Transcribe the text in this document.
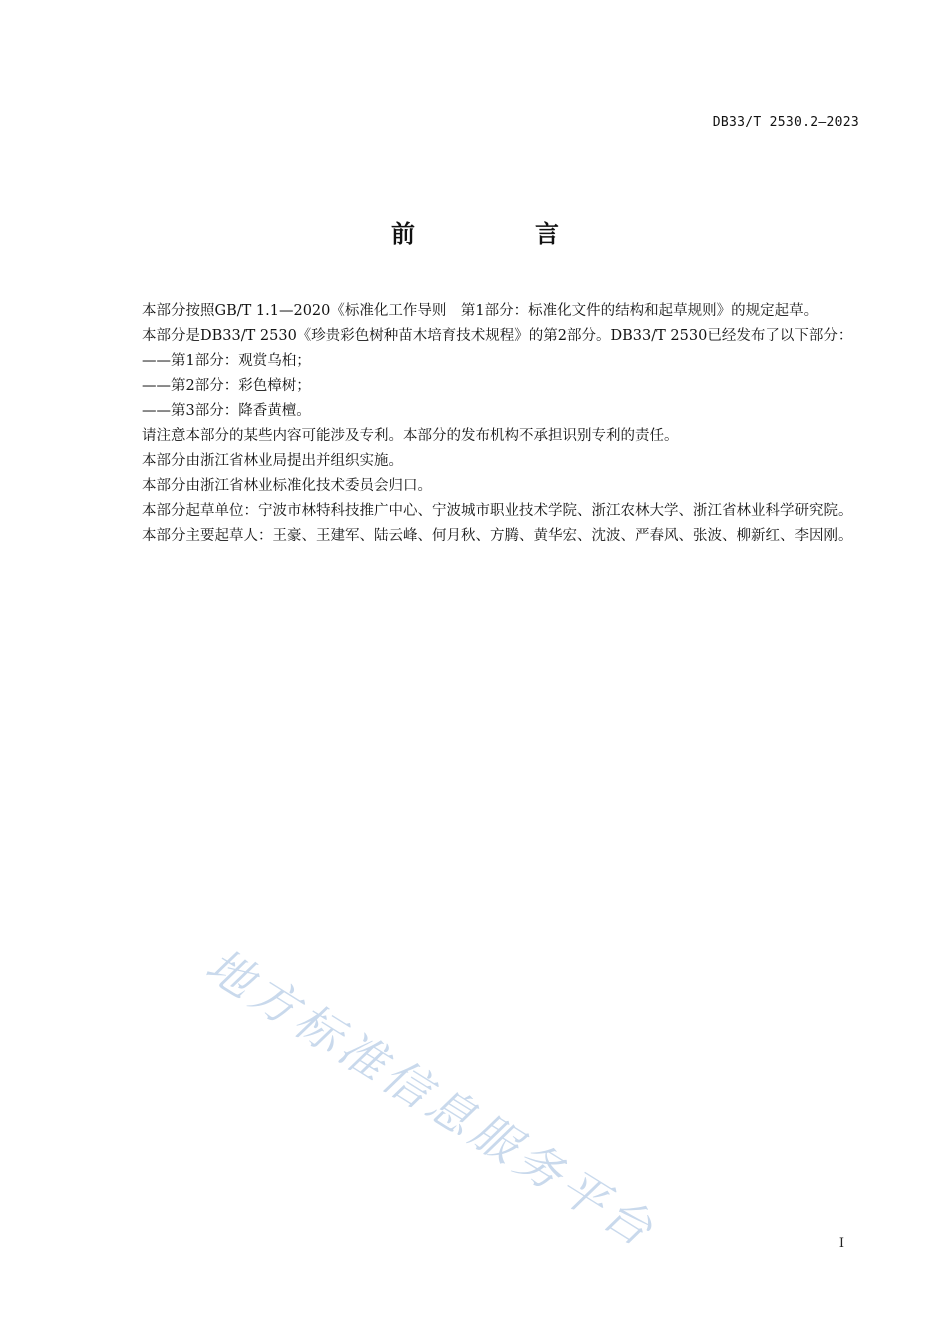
DB33/T 2530.2—2023
前　言

本部分按照GB/T 1.1—2020《标准化工作导则　第1部分：标准化文件的结构和起草规则》的规定起草。

本部分是DB33/T 2530《珍贵彩色树种苗木培育技术规程》的第2部分。DB33/T 2530已经发布了以下部分：

——第1部分：观赏乌桕；

——第2部分：彩色樟树；

——第3部分：降香黄檀。

请注意本部分的某些内容可能涉及专利。本部分的发布机构不承担识别专利的责任。

本部分由浙江省林业局提出并组织实施。

本部分由浙江省林业标准化技术委员会归口。

本部分起草单位：宁波市林特科技推广中心、宁波城市职业技术学院、浙江农林大学、浙江省林业科学研究院。

本部分主要起草人：王豪、王建军、陆云峰、何月秋、方腾、黄华宏、沈波、严春风、张波、柳新红、李因刚。

地方标准信息服务平台	I
